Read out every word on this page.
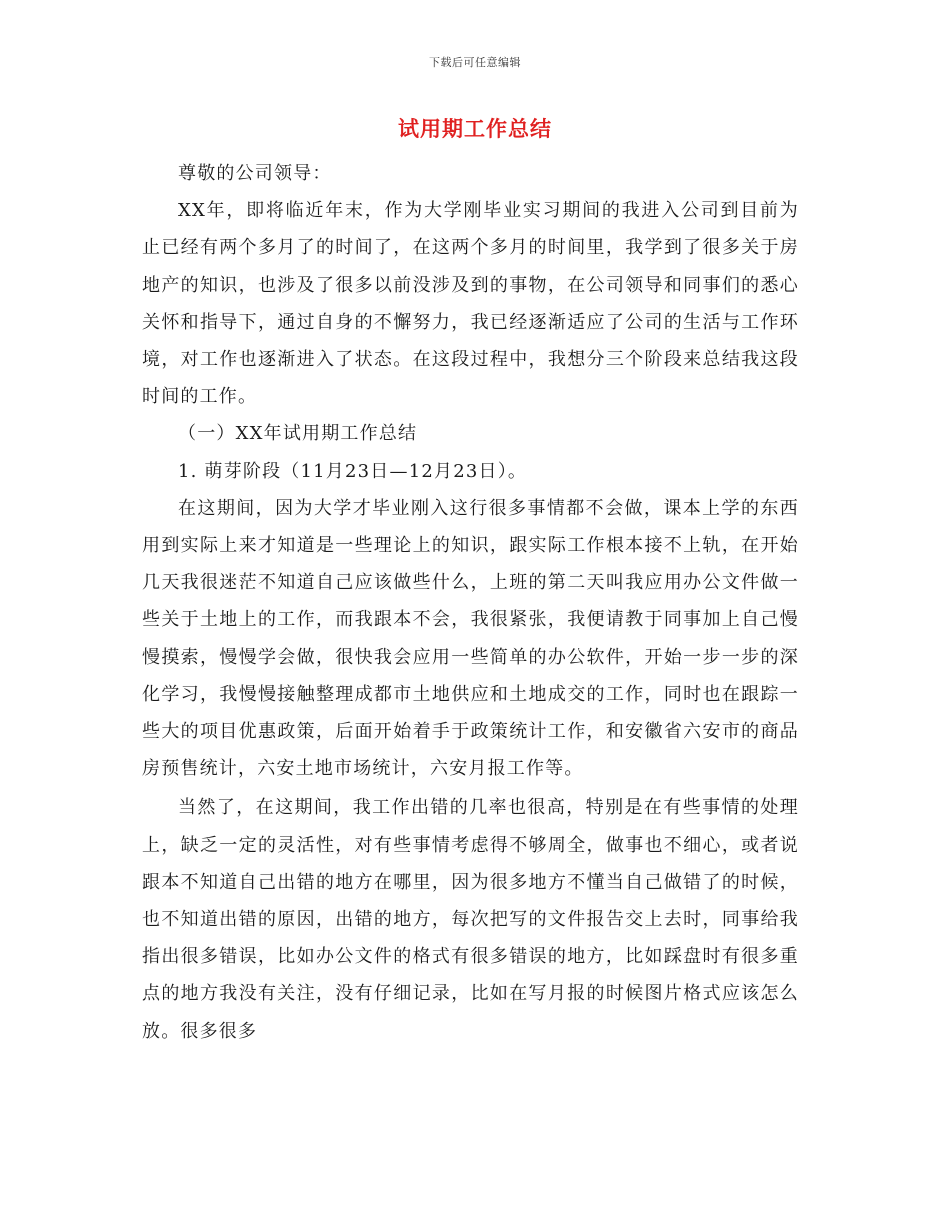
下载后可任意编辑
试用期工作总结

尊敬的公司领导：

XX年，即将临近年末，作为大学刚毕业实习期间的我进入公司到目前为止已经有两个多月了的时间了，在这两个多月的时间里，我学到了很多关于房地产的知识，也涉及了很多以前没涉及到的事物，在公司领导和同事们的悉心关怀和指导下，通过自身的不懈努力，我已经逐渐适应了公司的生活与工作环境，对工作也逐渐进入了状态。在这段过程中，我想分三个阶段来总结我这段时间的工作。

（一）XX年试用期工作总结

1. 萌芽阶段（11月23日—12月23日）。

在这期间，因为大学才毕业刚入这行很多事情都不会做，课本上学的东西用到实际上来才知道是一些理论上的知识，跟实际工作根本接不上轨，在开始几天我很迷茫不知道自己应该做些什么，上班的第二天叫我应用办公文件做一些关于土地上的工作，而我跟本不会，我很紧张，我便请教于同事加上自己慢慢摸索，慢慢学会做，很快我会应用一些简单的办公软件，开始一步一步的深化学习，我慢慢接触整理成都市土地供应和土地成交的工作，同时也在跟踪一些大的项目优惠政策，后面开始着手于政策统计工作，和安徽省六安市的商品房预售统计，六安土地市场统计，六安月报工作等。

当然了，在这期间，我工作出错的几率也很高，特别是在有些事情的处理上，缺乏一定的灵活性，对有些事情考虑得不够周全，做事也不细心，或者说跟本不知道自己出错的地方在哪里，因为很多地方不懂当自己做错了的时候，也不知道出错的原因，出错的地方，每次把写的文件报告交上去时，同事给我指出很多错误，比如办公文件的格式有很多错误的地方，比如踩盘时有很多重点的地方我没有关注，没有仔细记录，比如在写月报的时候图片格式应该怎么放。很多很多
